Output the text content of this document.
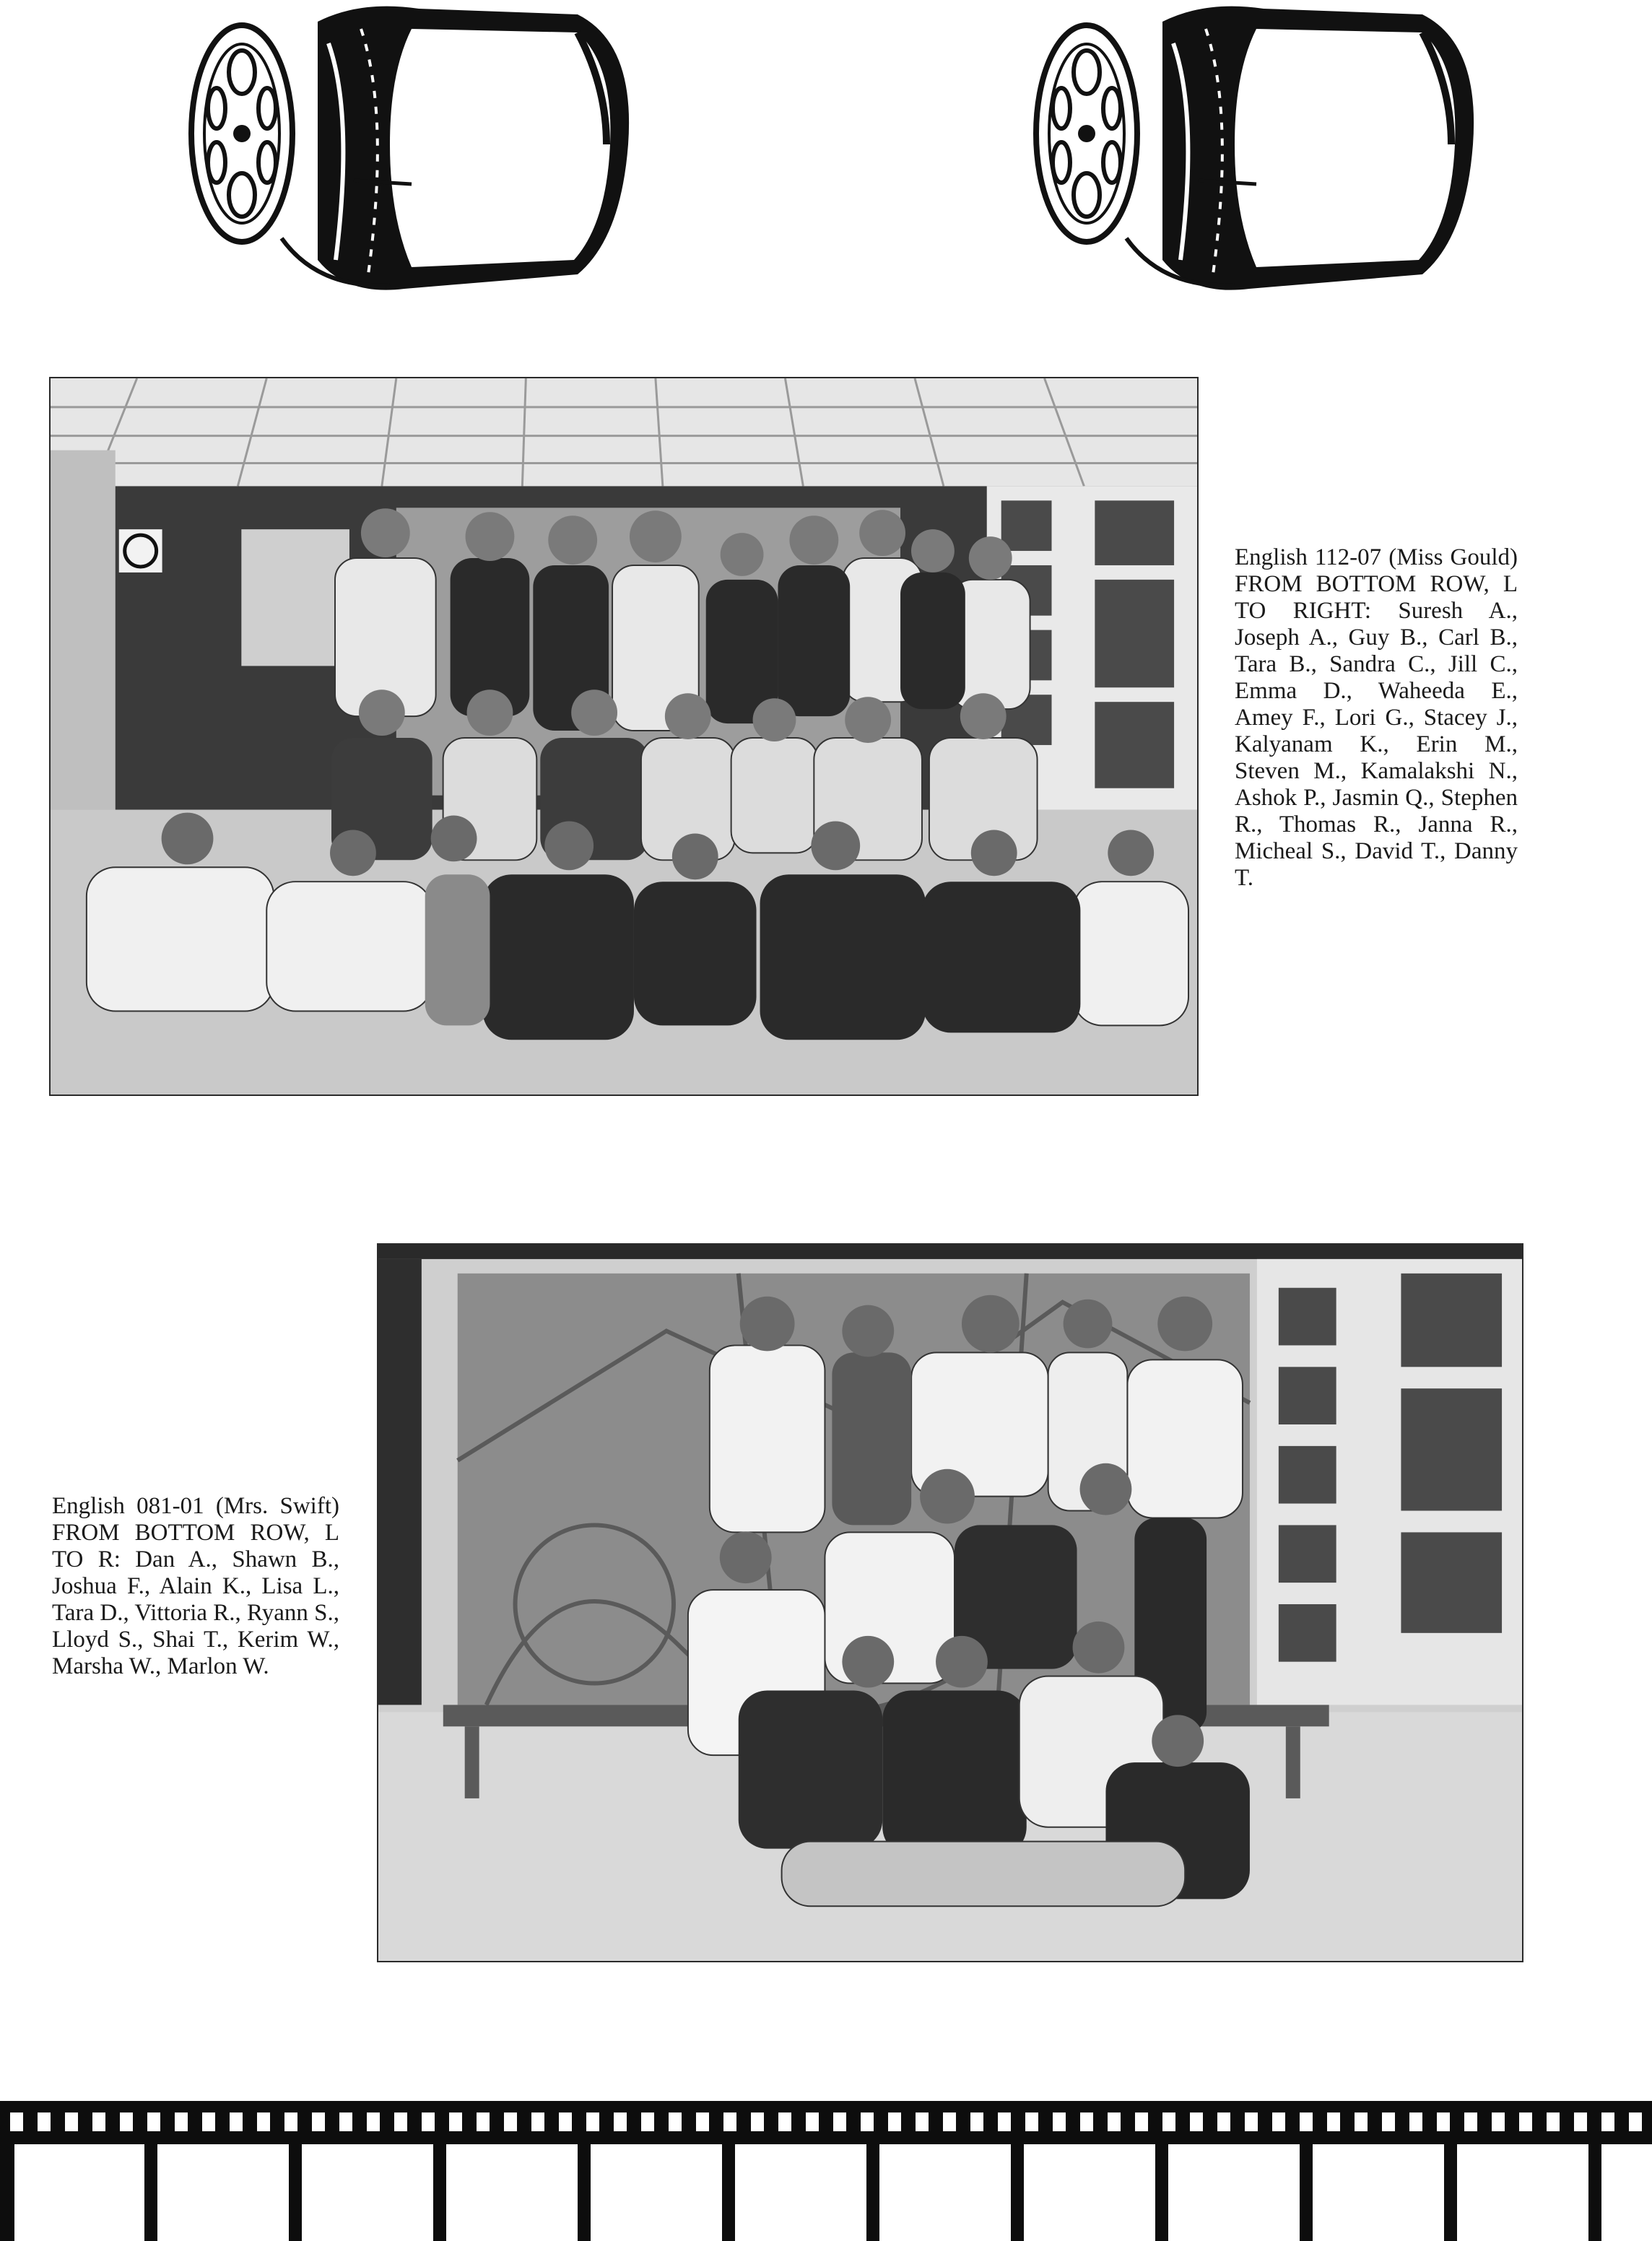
English 112-07 (Miss Gould) FROM BOTTOM ROW, L TO RIGHT: Suresh A., Joseph A., Guy B., Carl B., Tara B., Sandra C., Jill C., Emma D., Waheeda E., Amey F., Lori G., Stacey J., Kalyanam K., Erin M., Steven M., Kamalakshi N., Ashok P., Jasmin Q., Stephen R., Thomas R., Janna R., Micheal S., David T., Danny T.
English 081-01 (Mrs. Swift) FROM BOTTOM ROW, L TO R: Dan A., Shawn B., Joshua F., Alain K., Lisa L., Tara D., Vittoria R., Ryann S., Lloyd S., Shai T., Kerim W., Marsha W., Marlon W.
